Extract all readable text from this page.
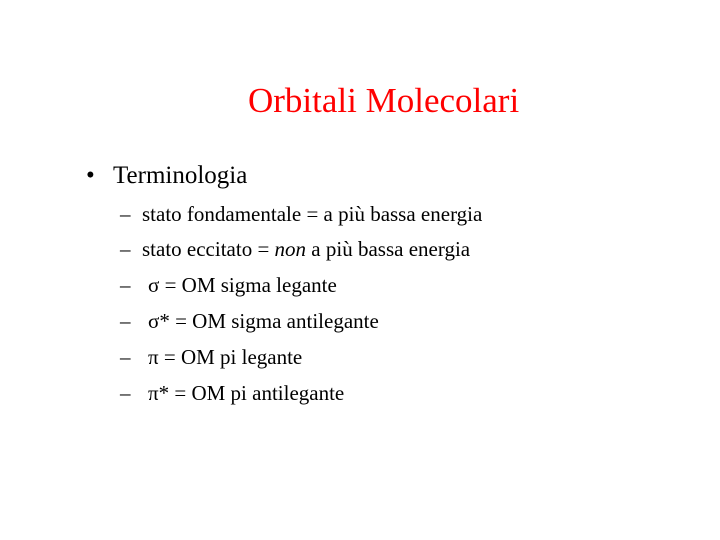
Orbitali Molecolari
• Terminologia
– stato fondamentale = a più bassa energia
– stato eccitato = non a più bassa energia
– σ = OM sigma legante
– σ* = OM sigma antilegante
– π = OM pi legante
– π* = OM pi antilegante
